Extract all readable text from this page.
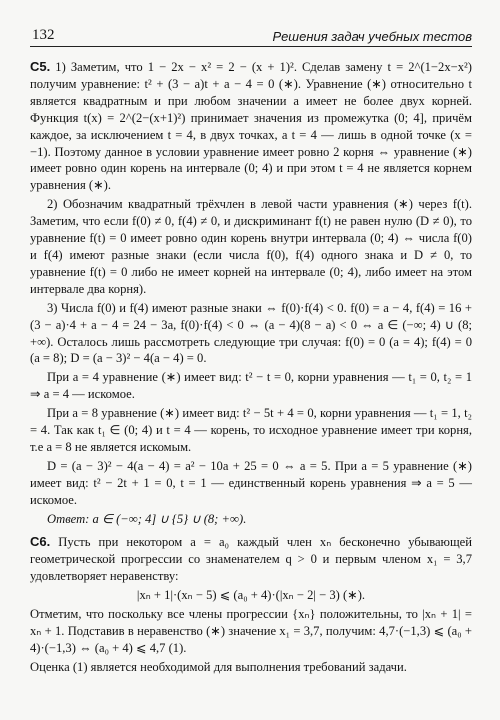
132	Решения задач учебных тестов

С5. 1) Заметим, что 1 − 2x − x² = 2 − (x + 1)². Сделав замену t = 2^(1−2x−x²) получим уравнение: t² + (3 − a)t + a − 4 = 0 (∗). Уравнение (∗) относительно t является квадратным и при любом значении a имеет не более двух корней. Функция t(x) = 2^(2−(x+1)²) принимает значения из промежутка (0; 4], причём каждое, за исключением t = 4, в двух точках, а t = 4 — лишь в одной точке (x = −1). Поэтому данное в условии уравнение имеет ровно 2 корня ⇔ уравнение (∗) имеет ровно один корень на интервале (0; 4) и при этом t = 4 не является корнем уравнения (∗).

2) Обозначим квадратный трёхчлен в левой части уравнения (∗) через f(t). Заметим, что если f(0) ≠ 0, f(4) ≠ 0, и дискриминант f(t) не равен нулю (D ≠ 0), то уравнение f(t) = 0 имеет ровно один корень внутри интервала (0; 4) ⇔ числа f(0) и f(4) имеют разные знаки (если числа f(0), f(4) одного знака и D ≠ 0, то уравнение f(t) = 0 либо не имеет корней на интервале (0; 4), либо имеет на этом интервале два корня).

3) Числа f(0) и f(4) имеют разные знаки ⇔ f(0)·f(4) < 0. f(0) = a − 4, f(4) = 16 + (3 − a)·4 + a − 4 = 24 − 3a, f(0)·f(4) < 0 ⇔ (a − 4)(8 − a) < 0 ⇔ a ∈ (−∞; 4) ∪ (8; +∞). Осталось лишь рассмотреть следующие три случая: f(0) = 0 (a = 4); f(4) = 0 (a = 8); D = (a − 3)² − 4(a − 4) = 0.

При a = 4 уравнение (∗) имеет вид: t² − t = 0, корни уравнения — t₁ = 0, t₂ = 1 ⇒ a = 4 — искомое.

При a = 8 уравнение (∗) имеет вид: t² − 5t + 4 = 0, корни уравнения — t₁ = 1, t₂ = 4. Так как t₁ ∈ (0; 4) и t = 4 — корень, то исходное уравнение имеет три корня, т.е a = 8 не является искомым.

D = (a − 3)² − 4(a − 4) = a² − 10a + 25 = 0 ⇔ a = 5. При a = 5 уравнение (∗) имеет вид: t² − 2t + 1 = 0, t = 1 — единственный корень уравнения ⇒ a = 5 — искомое.

Ответ: a ∈ (−∞; 4] ∪ {5} ∪ (8; +∞).

С6. Пусть при некотором a = a₀ каждый член xₙ бесконечно убывающей геометрической прогрессии со знаменателем q > 0 и первым членом x₁ = 3,7 удовлетворяет неравенству:

|xₙ + 1|·(xₙ − 5) ⩽ (a₀ + 4)·(|xₙ − 2| − 3) (∗).

Отметим, что поскольку все члены прогрессии {xₙ} положительны, то |xₙ + 1| = xₙ + 1. Подставив в неравенство (∗) значение x₁ = 3,7, получим: 4,7·(−1,3) ⩽ (a₀ + 4)·(−1,3) ⇔ (a₀ + 4) ⩽ 4,7 (1).

Оценка (1) является необходимой для выполнения требований задачи.
